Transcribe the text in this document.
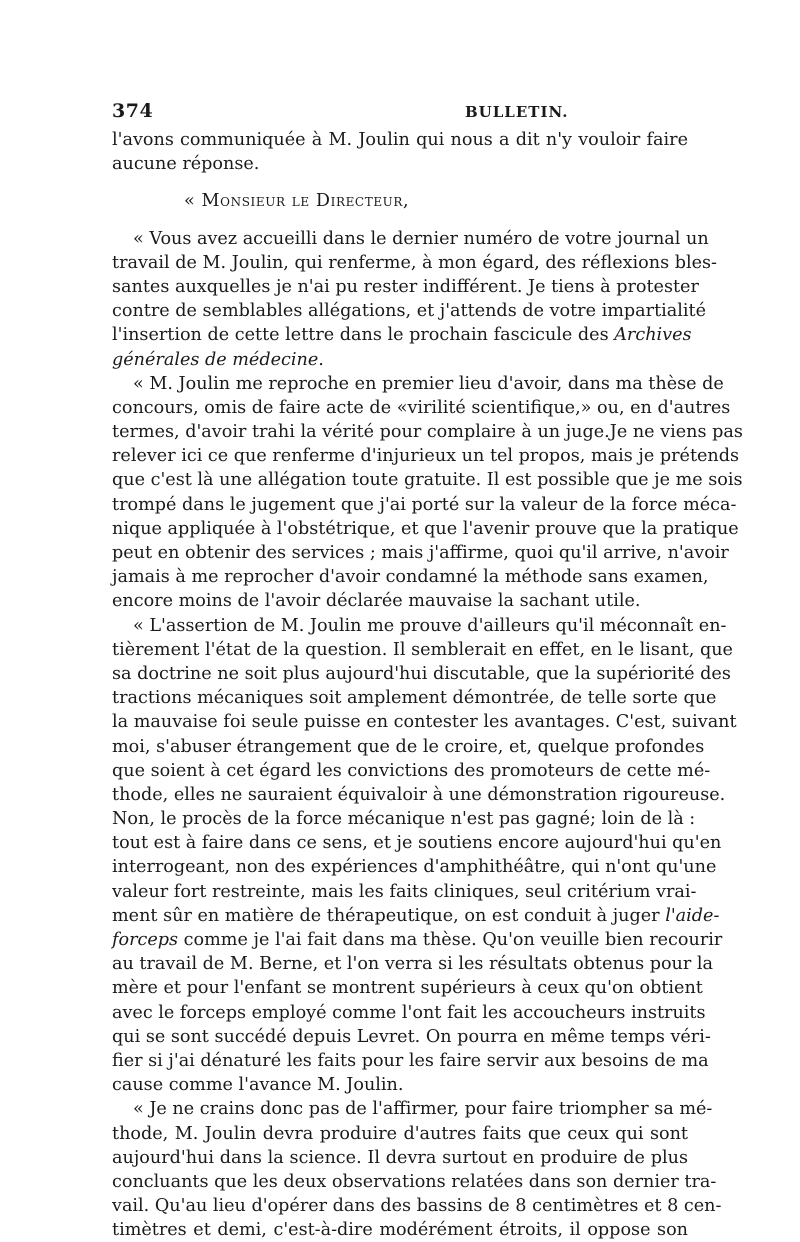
374	BULLETIN.
l'avons communiquée à M. Joulin qui nous a dit n'y vouloir faire
aucune réponse.
« Monsieur le Directeur,
« Vous avez accueilli dans le dernier numéro de votre journal un
travail de M. Joulin, qui renferme, à mon égard, des réflexions bles-
santes auxquelles je n'ai pu rester indifférent. Je tiens à protester
contre de semblables allégations, et j'attends de votre impartialité
l'insertion de cette lettre dans le prochain fascicule des Archives
générales de médecine.
« M. Joulin me reproche en premier lieu d'avoir, dans ma thèse de
concours, omis de faire acte de «virilité scientifique,» ou, en d'autres
termes, d'avoir trahi la vérité pour complaire à un juge.Je ne viens pas
relever ici ce que renferme d'injurieux un tel propos, mais je prétends
que c'est là une allégation toute gratuite. Il est possible que je me sois
trompé dans le jugement que j'ai porté sur la valeur de la force méca-
nique appliquée à l'obstétrique, et que l'avenir prouve que la pratique
peut en obtenir des services ; mais j'affirme, quoi qu'il arrive, n'avoir
jamais à me reprocher d'avoir condamné la méthode sans examen,
encore moins de l'avoir déclarée mauvaise la sachant utile.
« L'assertion de M. Joulin me prouve d'ailleurs qu'il méconnaît en-
tièrement l'état de la question. Il semblerait en effet, en le lisant, que
sa doctrine ne soit plus aujourd'hui discutable, que la supériorité des
tractions mécaniques soit amplement démontrée, de telle sorte que
la mauvaise foi seule puisse en contester les avantages. C'est, suivant
moi, s'abuser étrangement que de le croire, et, quelque profondes
que soient à cet égard les convictions des promoteurs de cette mé-
thode, elles ne sauraient équivaloir à une démonstration rigoureuse.
Non, le procès de la force mécanique n'est pas gagné; loin de là :
tout est à faire dans ce sens, et je soutiens encore aujourd'hui qu'en
interrogeant, non des expériences d'amphithéâtre, qui n'ont qu'une
valeur fort restreinte, mais les faits cliniques, seul critérium vrai-
ment sûr en matière de thérapeutique, on est conduit à juger l'aide-
forceps comme je l'ai fait dans ma thèse. Qu'on veuille bien recourir
au travail de M. Berne, et l'on verra si les résultats obtenus pour la
mère et pour l'enfant se montrent supérieurs à ceux qu'on obtient
avec le forceps employé comme l'ont fait les accoucheurs instruits
qui se sont succédé depuis Levret. On pourra en même temps véri-
fier si j'ai dénaturé les faits pour les faire servir aux besoins de ma
cause comme l'avance M. Joulin.
« Je ne crains donc pas de l'affirmer, pour faire triompher sa mé-
thode, M. Joulin devra produire d'autres faits que ceux qui sont
aujourd'hui dans la science. Il devra surtout en produire de plus
concluants que les deux observations relatées dans son dernier tra-
vail. Qu'au lieu d'opérer dans des bassins de 8 centimètres et 8 cen-
timètres et demi, c'est-à-dire modérément étroits, il oppose son
